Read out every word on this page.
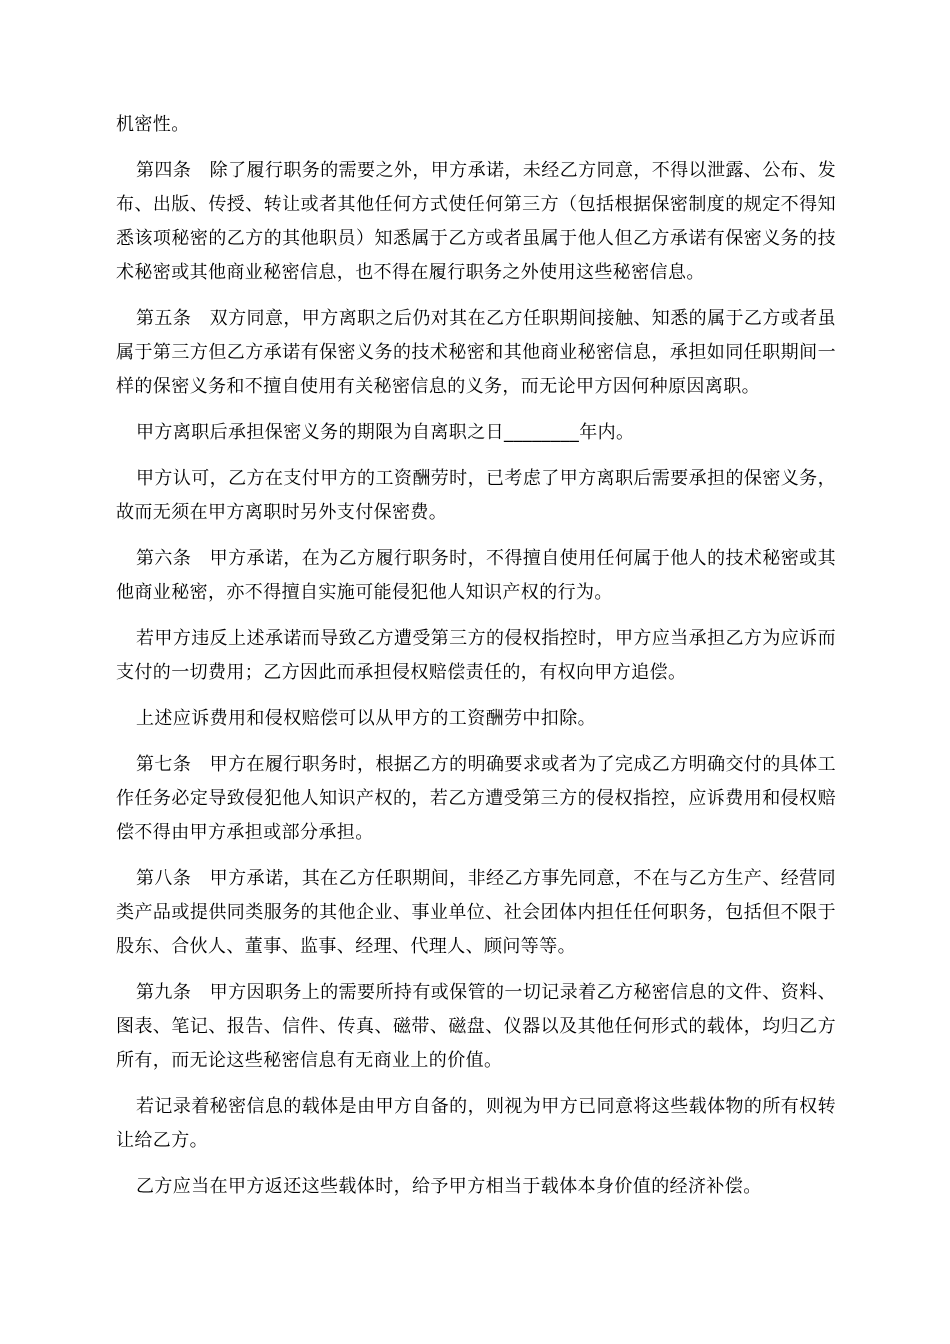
机密性。

第四条　除了履行职务的需要之外，甲方承诺，未经乙方同意，不得以泄露、公布、发布、出版、传授、转让或者其他任何方式使任何第三方（包括根据保密制度的规定不得知悉该项秘密的乙方的其他职员）知悉属于乙方或者虽属于他人但乙方承诺有保密义务的技术秘密或其他商业秘密信息，也不得在履行职务之外使用这些秘密信息。

第五条　双方同意，甲方离职之后仍对其在乙方任职期间接触、知悉的属于乙方或者虽属于第三方但乙方承诺有保密义务的技术秘密和其他商业秘密信息，承担如同任职期间一样的保密义务和不擅自使用有关秘密信息的义务，而无论甲方因何种原因离职。

甲方离职后承担保密义务的期限为自离职之日________年内。

甲方认可，乙方在支付甲方的工资酬劳时，已考虑了甲方离职后需要承担的保密义务，故而无须在甲方离职时另外支付保密费。

第六条　甲方承诺，在为乙方履行职务时，不得擅自使用任何属于他人的技术秘密或其他商业秘密，亦不得擅自实施可能侵犯他人知识产权的行为。

若甲方违反上述承诺而导致乙方遭受第三方的侵权指控时，甲方应当承担乙方为应诉而支付的一切费用；乙方因此而承担侵权赔偿责任的，有权向甲方追偿。

上述应诉费用和侵权赔偿可以从甲方的工资酬劳中扣除。

第七条　甲方在履行职务时，根据乙方的明确要求或者为了完成乙方明确交付的具体工作任务必定导致侵犯他人知识产权的，若乙方遭受第三方的侵权指控，应诉费用和侵权赔偿不得由甲方承担或部分承担。

第八条　甲方承诺，其在乙方任职期间，非经乙方事先同意，不在与乙方生产、经营同类产品或提供同类服务的其他企业、事业单位、社会团体内担任任何职务，包括但不限于股东、合伙人、董事、监事、经理、代理人、顾问等等。

第九条　甲方因职务上的需要所持有或保管的一切记录着乙方秘密信息的文件、资料、图表、笔记、报告、信件、传真、磁带、磁盘、仪器以及其他任何形式的载体，均归乙方所有，而无论这些秘密信息有无商业上的价值。

若记录着秘密信息的载体是由甲方自备的，则视为甲方已同意将这些载体物的所有权转让给乙方。

乙方应当在甲方返还这些载体时，给予甲方相当于载体本身价值的经济补偿。
